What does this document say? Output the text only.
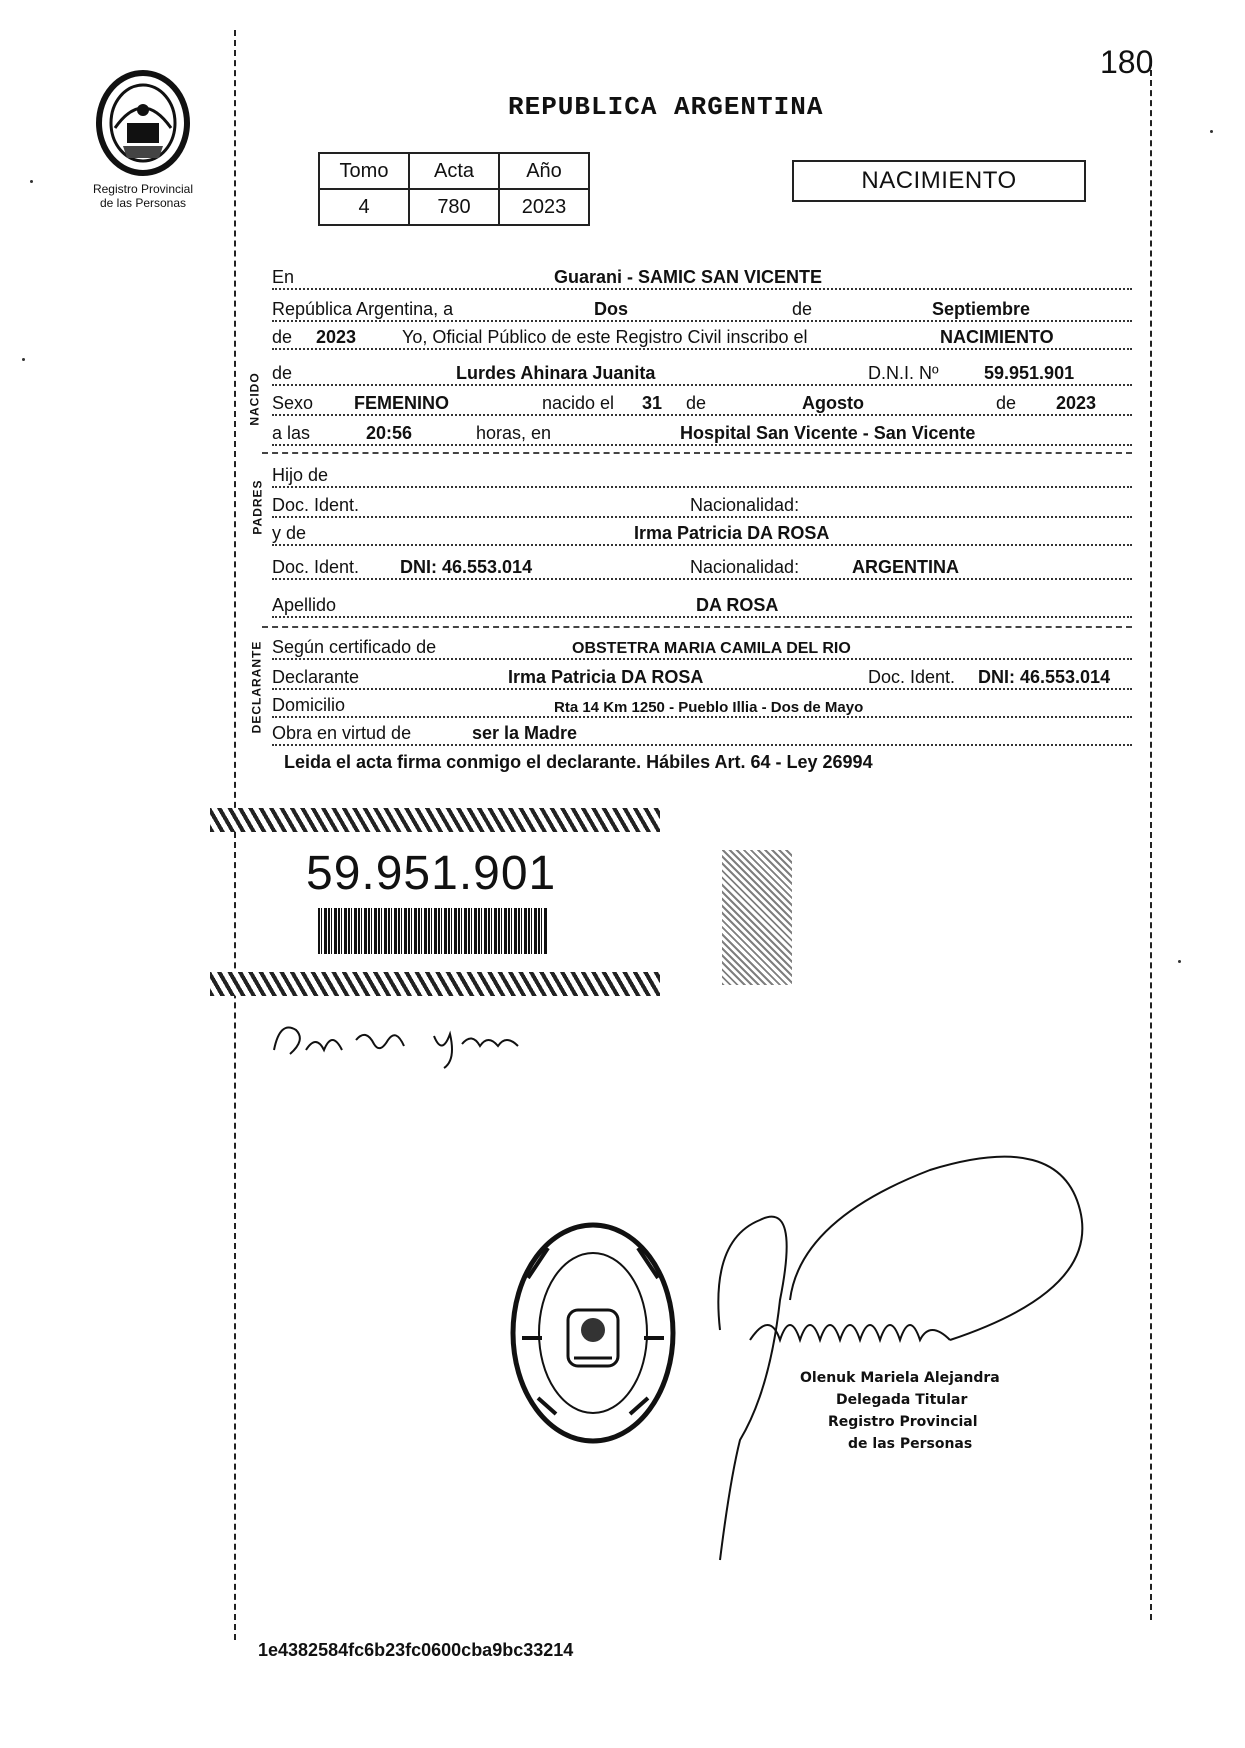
180
Registro Provincial
de las Personas
REPUBLICA ARGENTINA
Tomo	Acta	Año
4	780	2023
NACIMIENTO
En	Guarani - SAMIC SAN VICENTE
República Argentina, a	Dos	de	Septiembre
de 2023	Yo, Oficial Público de este Registro Civil inscribo el	NACIMIENTO
de	Lurdes Ahinara Juanita	D.N.I. Nº	59.951.901
Sexo FEMENINO	nacido el 31 de	Agosto	de 2023
a las	20:56	horas, en	Hospital San Vicente - San Vicente
NACIDO
Hijo de
Doc. Ident.	Nacionalidad:
y de	Irma Patricia DA ROSA
Doc. Ident. DNI: 46.553.014	Nacionalidad:	ARGENTINA
PADRES
Apellido	DA ROSA
Según certificado de	OBSTETRA MARIA CAMILA DEL RIO
Declarante	Irma Patricia DA ROSA	Doc. Ident. DNI: 46.553.014
Domicilio	Rta 14 Km 1250 - Pueblo Illia - Dos de Mayo
Obra en virtud de	ser la Madre
DECLARANTE
Leida el acta firma conmigo el declarante. Hábiles Art. 64 - Ley 26994
59.951.901
Olenuk Mariela Alejandra
Delegada Titular
Registro Provincial
de las Personas
1e4382584fc6b23fc0600cba9bc33214
